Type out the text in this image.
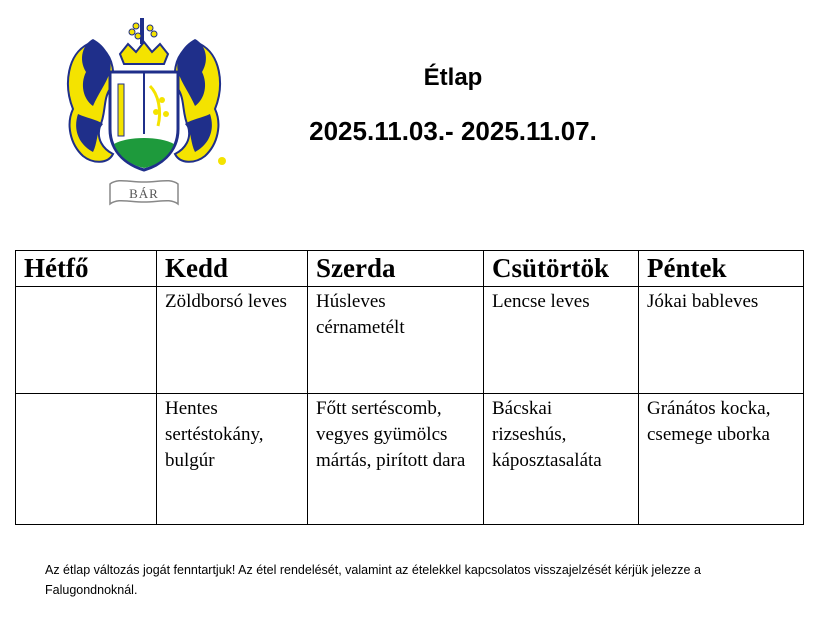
BÁR
Étlap
2025.11.03.- 2025.11.07.
Hétfő	Kedd	Szerda	Csütörtök	Péntek
	Zöldborsó leves	Húsleves cérnametélt	Lencse leves	Jókai bableves
	Hentes sertéstokány, bulgúr	Főtt sertéscomb, vegyes gyümölcs mártás, pirított dara	Bácskai rizseshús, káposztasaláta	Gránátos kocka, csemege uborka
Az étlap változás jogát fenntartjuk! Az étel rendelését, valamint az ételekkel kapcsolatos visszajelzését kérjük jelezze a Falugondnoknál.
